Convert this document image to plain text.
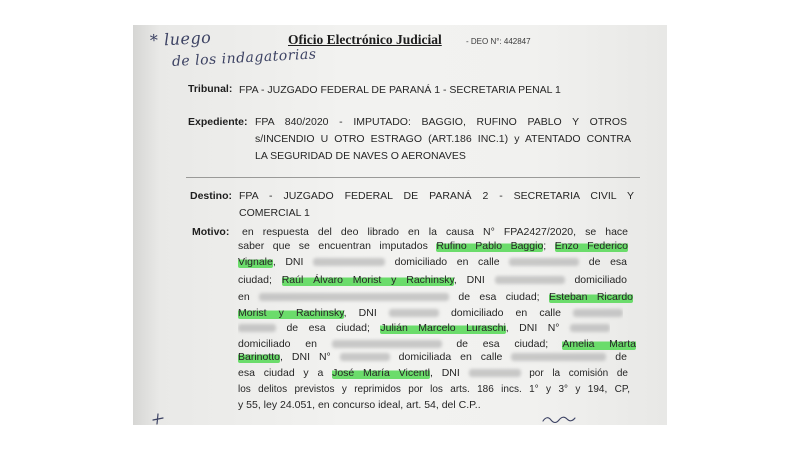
* luego
de los indagatorias
Oficio Electrónico Judicial	- DEO N°: 442847
Tribunal: FPA - JUZGADO FEDERAL DE PARANÁ 1 - SECRETARIA PENAL 1
Expediente: FPA 840/2020 - IMPUTADO: BAGGIO, RUFINO PABLO Y OTROS
s/INCENDIO U OTRO ESTRAGO (ART.186 INC.1) y ATENTADO CONTRA
LA SEGURIDAD DE NAVES O AERONAVES
Destino: FPA - JUZGADO FEDERAL DE PARANÁ 2 - SECRETARIA CIVIL Y
COMERCIAL 1
Motivo: en respuesta del deo librado en la causa N° FPA2427/2020, se hace
saber que se encuentran imputados Rufino Pablo Baggio; Enzo Federico
Vignale, DNI	domiciliado en calle	de esa
ciudad; Raúl Álvaro Morist y Rachinsky, DNI	domiciliado
en	de esa ciudad; Esteban Ricardo
Morist y Rachinsky, DNI	domiciliado en calle
de esa ciudad; Julián Marcelo Luraschi, DNI N°
domiciliado en	de esa ciudad; Amelia Marta
Barinotto, DNI N°	domiciliada en calle	de
esa ciudad y a José María Vicentl, DNI	por la comisión de
los delitos previstos y reprimidos por los arts. 186 incs. 1° y 3° y 194, CP,
y 55, ley 24.051, en concurso ideal, art. 54, del C.P..
